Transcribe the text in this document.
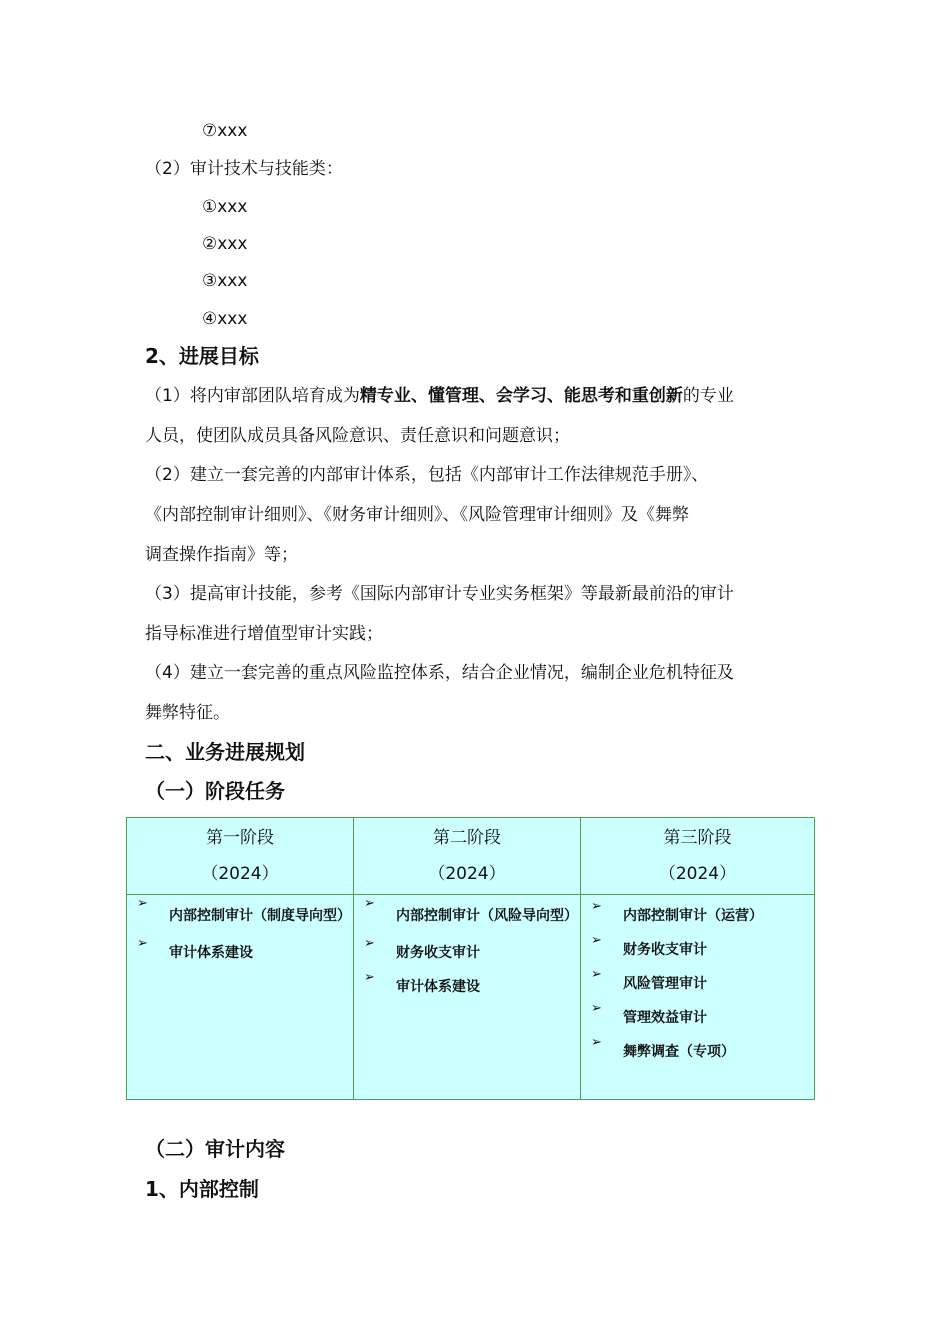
⑦xxx
（2）审计技术与技能类：
①xxx
②xxx
③xxx
④xxx
2、进展目标
（1）将内审部团队培育成为精专业、懂管理、会学习、能思考和重创新的专业
人员，使团队成员具备风险意识、责任意识和问题意识；
（2）建立一套完善的内部审计体系，包括《内部审计工作法律规范手册》、
《内部控制审计细则》、《财务审计细则》、《风险管理审计细则》及《舞弊
调查操作指南》等；
（3）提高审计技能，参考《国际内部审计专业实务框架》等最新最前沿的审计
指导标准进行增值型审计实践；
（4）建立一套完善的重点风险监控体系，结合企业情况，编制企业危机特征及
舞弊特征。
二、业务进展规划
（一）阶段任务
第一阶段
（2024）
➢
内部控制审计（制度导向型）
➢
审计体系建设
第二阶段
（2024）
➢
内部控制审计（风险导向型）
➢
财务收支审计
➢
审计体系建设
第三阶段
（2024）
➢
内部控制审计（运营）
➢
财务收支审计
➢
风险管理审计
➢
管理效益审计
➢
舞弊调查（专项）
（二）审计内容
1、内部控制
